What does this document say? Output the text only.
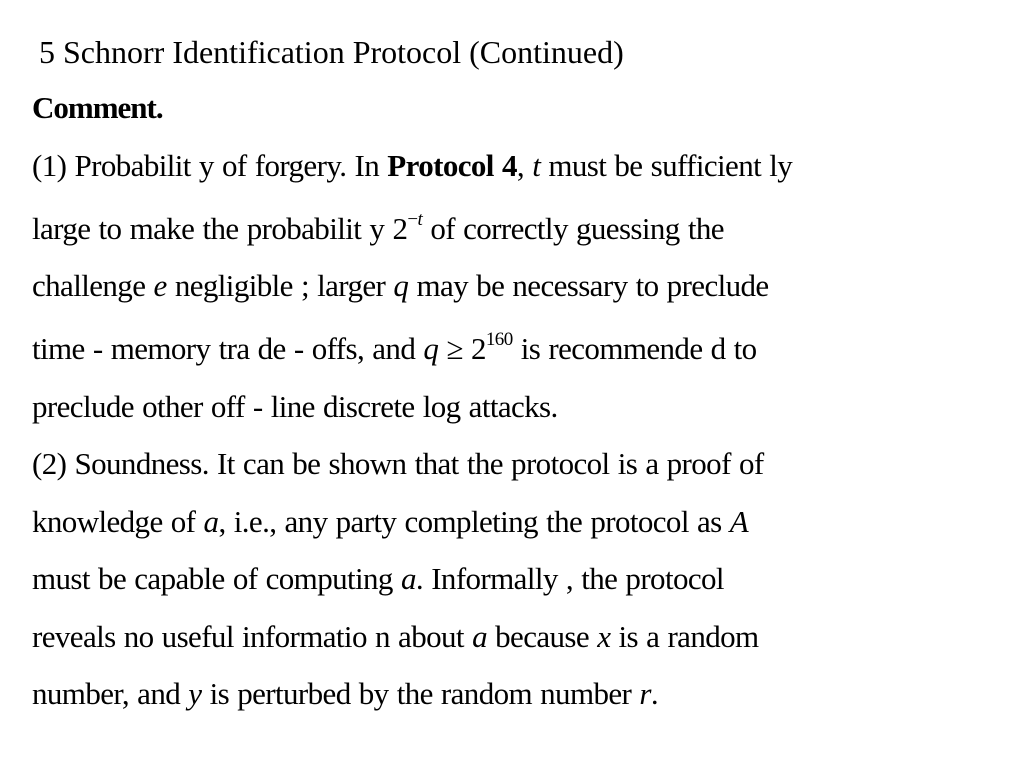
5 Schnorr Identification Protocol (Continued)
Comment.
(1) Probabilit y of forgery. In Protocol 4, t must be sufficient ly
large to make the probabilit y $2^{-t}$ of correctly guessing the
challenge e negligible ; larger q may be necessary to preclude
time - memory tra de - offs, and $q \ge 2^{160}$ is recommende d to
preclude other off - line discrete log attacks.
(2) Soundness. It can be shown that the protocol is a proof of
knowledge of a, i.e., any party completing the protocol as A
must be capable of computing a. Informally , the protocol
reveals no useful informatio n about a because x is a random
number, and y is perturbed by the random number r.
